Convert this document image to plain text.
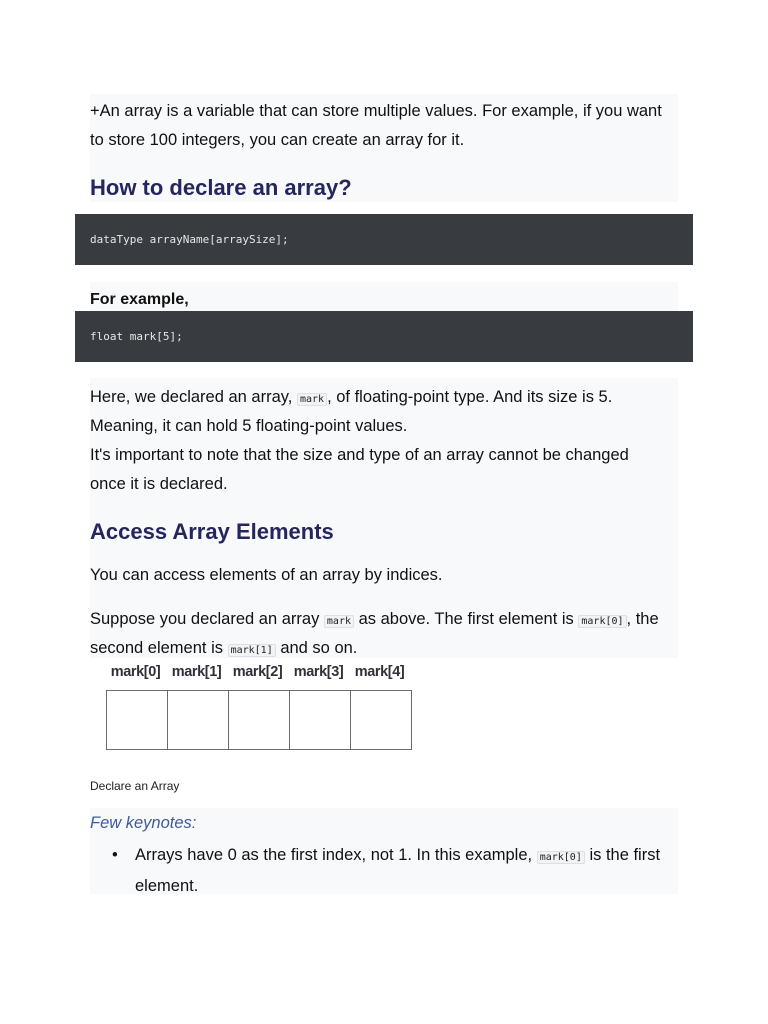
+An array is a variable that can store multiple values. For example, if you want

to store 100 integers, you can create an array for it.

How to declare an array?
dataType arrayName[arraySize];

For example,

float mark[5];

Here, we declared an array, mark , of floating-point type. And its size is 5.

Meaning, it can hold 5 floating-point values.

It's important to note that the size and type of an array cannot be changed

once it is declared.

Access Array Elements

You can access elements of an array by indices.

Suppose you declared an array mark as above. The first element is mark[0] , the

second element is mark[1] and so on.

mark[0] mark[1] mark[2] mark[3] mark[4]

Declare an Array

Few keynotes:

• Arrays have 0 as the first index, not 1. In this example, mark[0] is the first element.
